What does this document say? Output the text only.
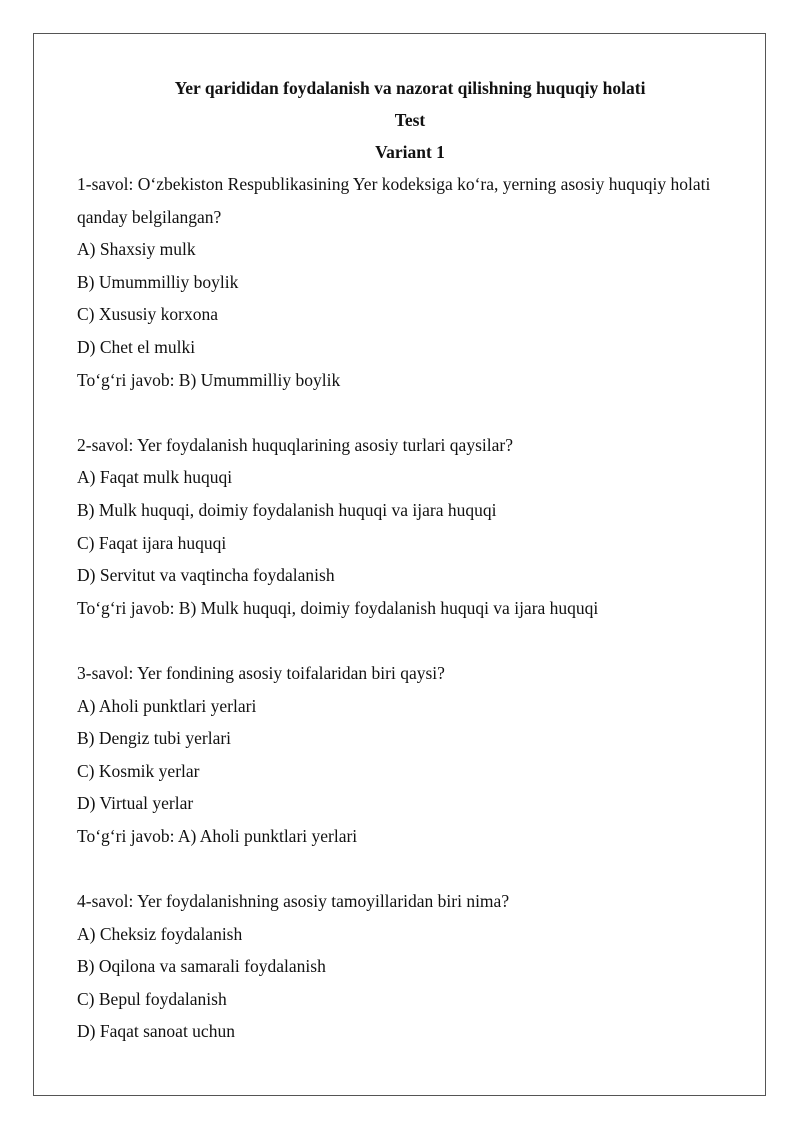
Yer qarididan foydalanish va nazorat qilishning huquqiy holati
Test
Variant 1
1-savol: O‘zbekiston Respublikasining Yer kodeksiga ko‘ra, yerning asosiy huquqiy holati qanday belgilangan?
A) Shaxsiy mulk
B) Umummilliy boylik
C) Xususiy korxona
D) Chet el mulki
To‘g‘ri javob: B) Umummilliy boylik
2-savol: Yer foydalanish huquqlarining asosiy turlari qaysilar?
A) Faqat mulk huquqi
B) Mulk huquqi, doimiy foydalanish huquqi va ijara huquqi
C) Faqat ijara huquqi
D) Servitut va vaqtincha foydalanish
To‘g‘ri javob: B) Mulk huquqi, doimiy foydalanish huquqi va ijara huquqi
3-savol: Yer fondining asosiy toifalaridan biri qaysi?
A) Aholi punktlari yerlari
B) Dengiz tubi yerlari
C) Kosmik yerlar
D) Virtual yerlar
To‘g‘ri javob: A) Aholi punktlari yerlari
4-savol: Yer foydalanishning asosiy tamoyillaridan biri nima?
A) Cheksiz foydalanish
B) Oqilona va samarali foydalanish
C) Bepul foydalanish
D) Faqat sanoat uchun
